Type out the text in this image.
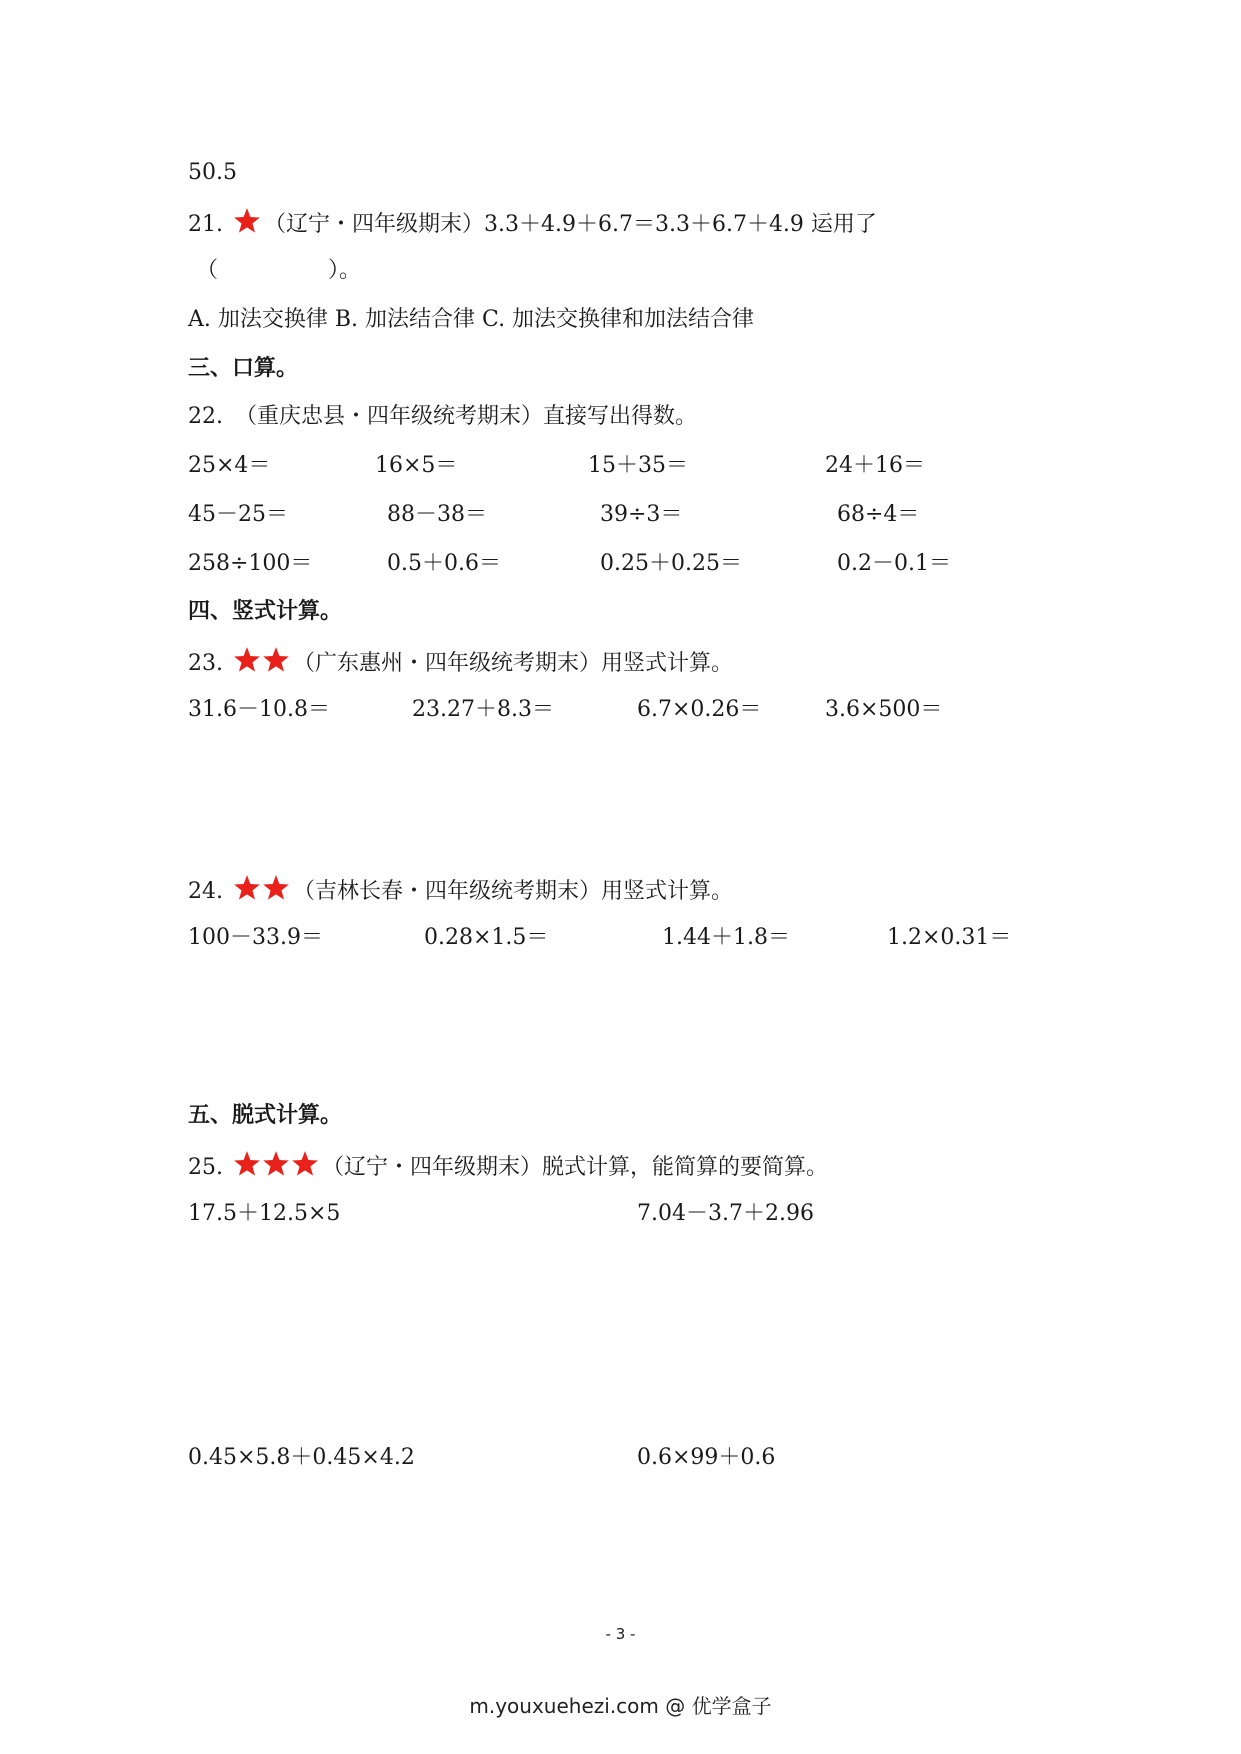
50.5
21. （辽宁・四年级期末）3.3＋4.9＋6.7＝3.3＋6.7＋4.9 运用了
（　　　　　）。
A. 加法交换律 B. 加法结合律 C. 加法交换律和加法结合律
三、口算。
22. （重庆忠县・四年级统考期末）直接写出得数。
25×4＝	16×5＝	15＋35＝	24＋16＝
45－25＝	88－38＝	39÷3＝	68÷4＝
258÷100＝	0.5＋0.6＝	0.25＋0.25＝	0.2－0.1＝
四、竖式计算。
23.	（广东惠州・四年级统考期末）用竖式计算。
31.6－10.8＝	23.27＋8.3＝	6.7×0.26＝	3.6×500＝
24.	（吉林长春・四年级统考期末）用竖式计算。
100－33.9＝	0.28×1.5＝	1.44＋1.8＝	1.2×0.31＝
五、脱式计算。
25.	（辽宁・四年级期末）脱式计算，能简算的要简算。
17.5＋12.5×5	7.04－3.7＋2.96
0.45×5.8＋0.45×4.2	0.6×99＋0.6
- 3 -
m.youxuehezi.com @ 优学盒子
